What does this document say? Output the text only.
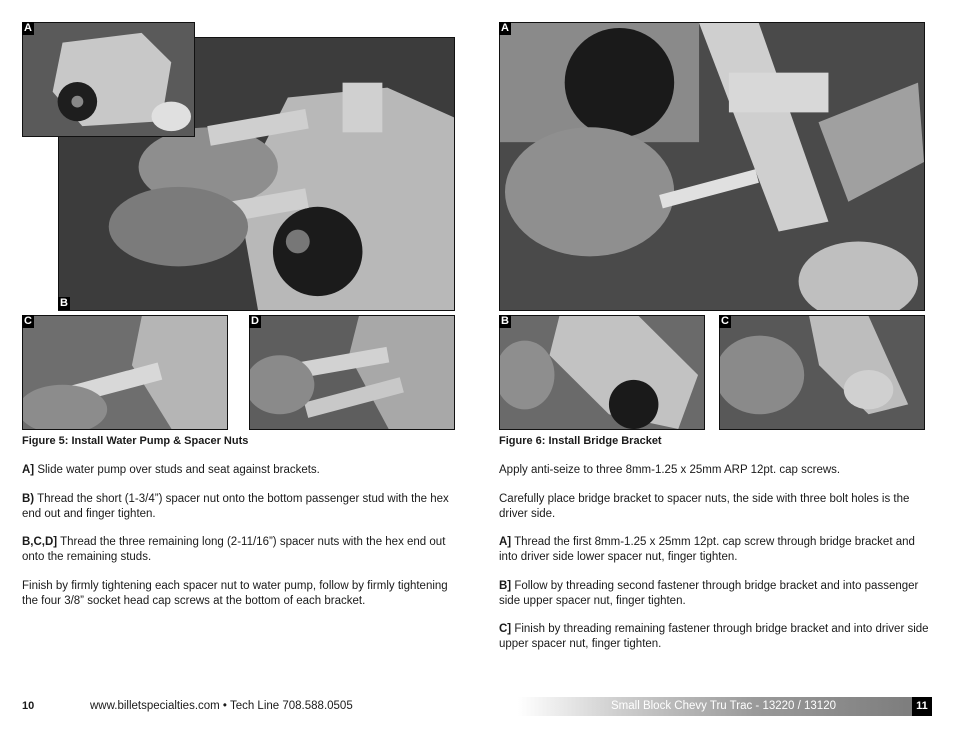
B
A
C	D
Figure 5: Install Water Pump & Spacer Nuts

A] Slide water pump over studs and seat against brackets.

B) Thread the short (1-3/4”) spacer nut onto the bottom passenger stud with the hex end out and finger tighten.

B,C,D] Thread the three remaining long (2-11/16”) spacer nuts with the hex end out onto the remaining studs.

Finish by firmly tightening each spacer nut to water pump, follow by firmly tightening the four 3/8” socket head cap screws at the bottom of each bracket.

A
B	C
Figure 6: Install Bridge Bracket

Apply anti-seize to three 8mm-1.25 x 25mm ARP 12pt. cap screws.

Carefully place bridge bracket to spacer nuts, the side with three bolt holes is the driver side.

A] Thread the first 8mm-1.25 x 25mm 12pt. cap screw through bridge bracket and into driver side lower spacer nut, finger tighten.

B] Follow by threading second fastener through bridge bracket and into passenger side upper spacer nut, finger tighten.

C] Finish by threading remaining fastener through bridge bracket and into driver side upper spacer nut, finger tighten.

10	www.billetspecialties.com • Tech Line 708.588.0505	Small Block Chevy Tru Trac - 13220 / 13120	11
